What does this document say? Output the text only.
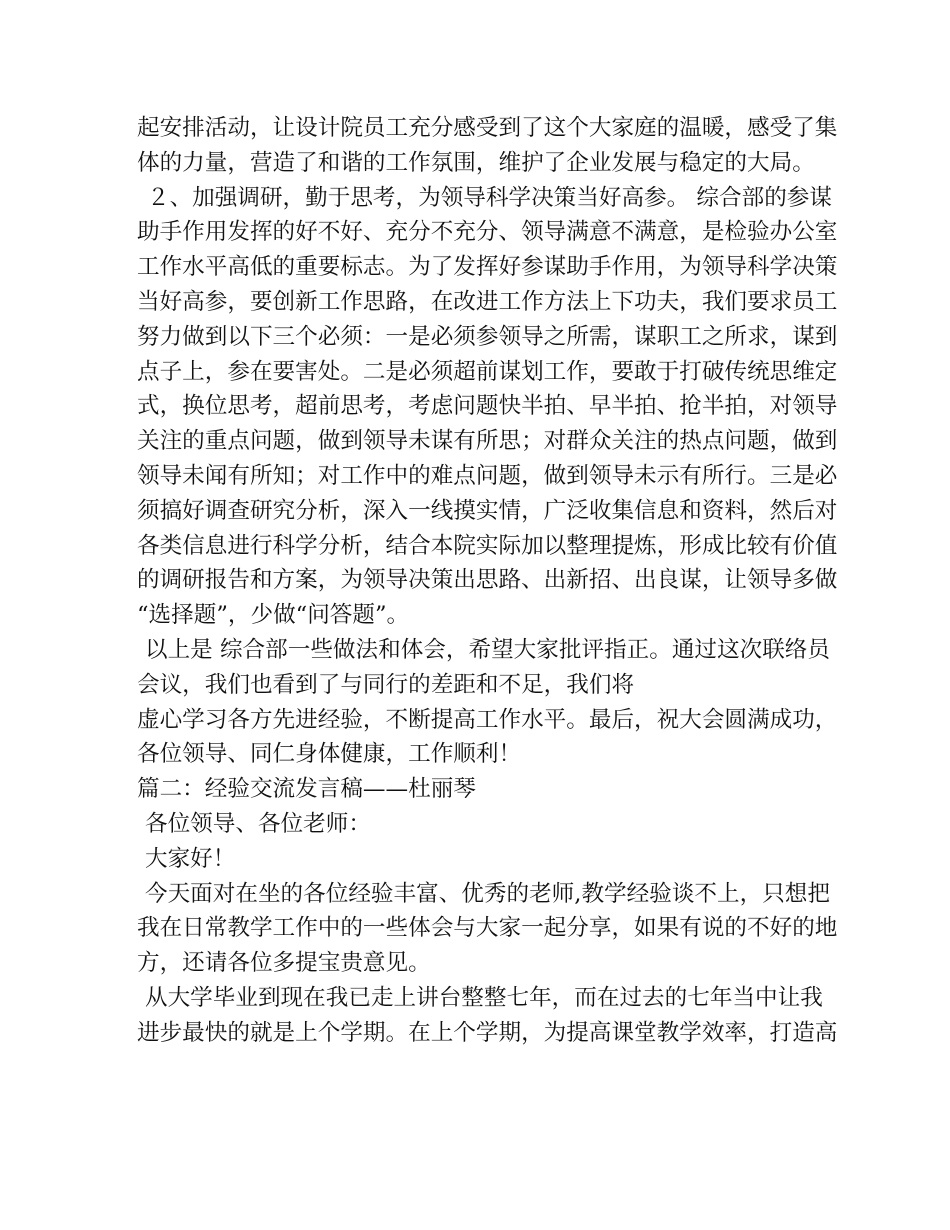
起安排活动，让设计院员工充分感受到了这个大家庭的温暖，感受了集
体的力量，营造了和谐的工作氛围，维护了企业发展与稳定的大局。
２、加强调研，勤于思考，为领导科学决策当好高参。 综合部的参谋
助手作用发挥的好不好、充分不充分、领导满意不满意，是检验办公室
工作水平高低的重要标志。为了发挥好参谋助手作用，为领导科学决策
当好高参，要创新工作思路，在改进工作方法上下功夫，我们要求员工
努力做到以下三个必须：一是必须参领导之所需，谋职工之所求，谋到
点子上，参在要害处。二是必须超前谋划工作，要敢于打破传统思维定
式，换位思考，超前思考，考虑问题快半拍、早半拍、抢半拍，对领导
关注的重点问题，做到领导未谋有所思；对群众关注的热点问题，做到
领导未闻有所知；对工作中的难点问题，做到领导未示有所行。三是必
须搞好调查研究分析，深入一线摸实情，广泛收集信息和资料，然后对
各类信息进行科学分析，结合本院实际加以整理提炼，形成比较有价值
的调研报告和方案，为领导决策出思路、出新招、出良谋，让领导多做
“选择题”，少做“问答题”。
以上是 综合部一些做法和体会，希望大家批评指正。通过这次联络员
会议，我们也看到了与同行的差距和不足，我们将
虚心学习各方先进经验，不断提高工作水平。最后，祝大会圆满成功，
各位领导、同仁身体健康，工作顺利！
篇二：经验交流发言稿——杜丽琴
各位领导、各位老师：
大家好！
今天面对在坐的各位经验丰富、优秀的老师,教学经验谈不上，只想把
我在日常教学工作中的一些体会与大家一起分享，如果有说的不好的地
方，还请各位多提宝贵意见。
从大学毕业到现在我已走上讲台整整七年，而在过去的七年当中让我
进步最快的就是上个学期。在上个学期，为提高课堂教学效率，打造高
